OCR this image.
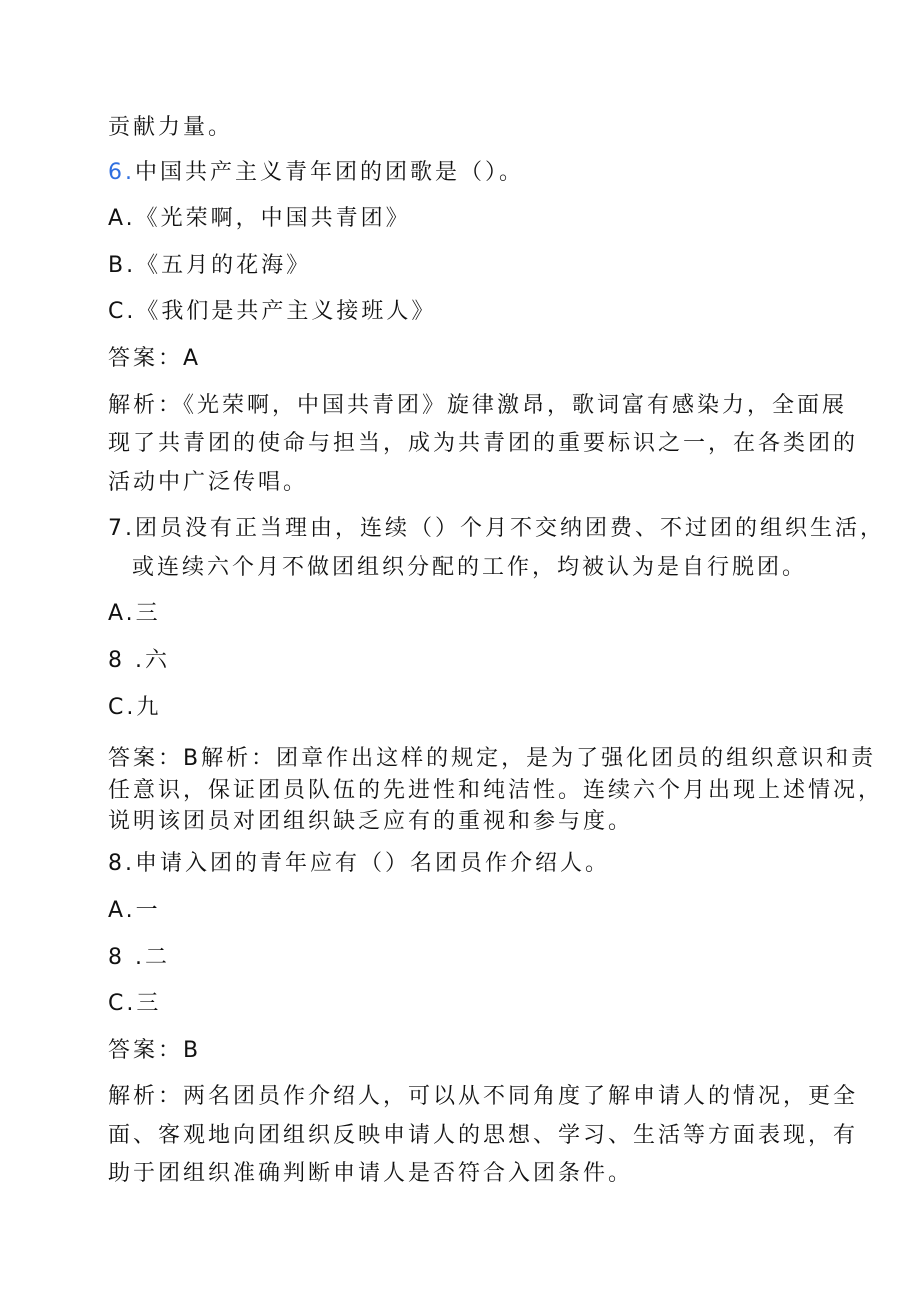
贡献力量。
6.中国共产主义青年团的团歌是（）。
A.《光荣啊，中国共青团》
B.《五月的花海》
C.《我们是共产主义接班人》
答案：A
解析：《光荣啊，中国共青团》旋律激昂，歌词富有感染力，全面展
现了共青团的使命与担当，成为共青团的重要标识之一，在各类团的
活动中广泛传唱。
7.团员没有正当理由，连续（）个月不交纳团费、不过团的组织生活，
或连续六个月不做团组织分配的工作，均被认为是自行脱团。
A.三
8 .六
C.九
答案：B解析：团章作出这样的规定，是为了强化团员的组织意识和责
任意识，保证团员队伍的先进性和纯洁性。连续六个月出现上述情况，
说明该团员对团组织缺乏应有的重视和参与度。
8.申请入团的青年应有（）名团员作介绍人。
A.一
8 .二
C.三
答案：B
解析：两名团员作介绍人，可以从不同角度了解申请人的情况，更全
面、客观地向团组织反映申请人的思想、学习、生活等方面表现，有
助于团组织准确判断申请人是否符合入团条件。
